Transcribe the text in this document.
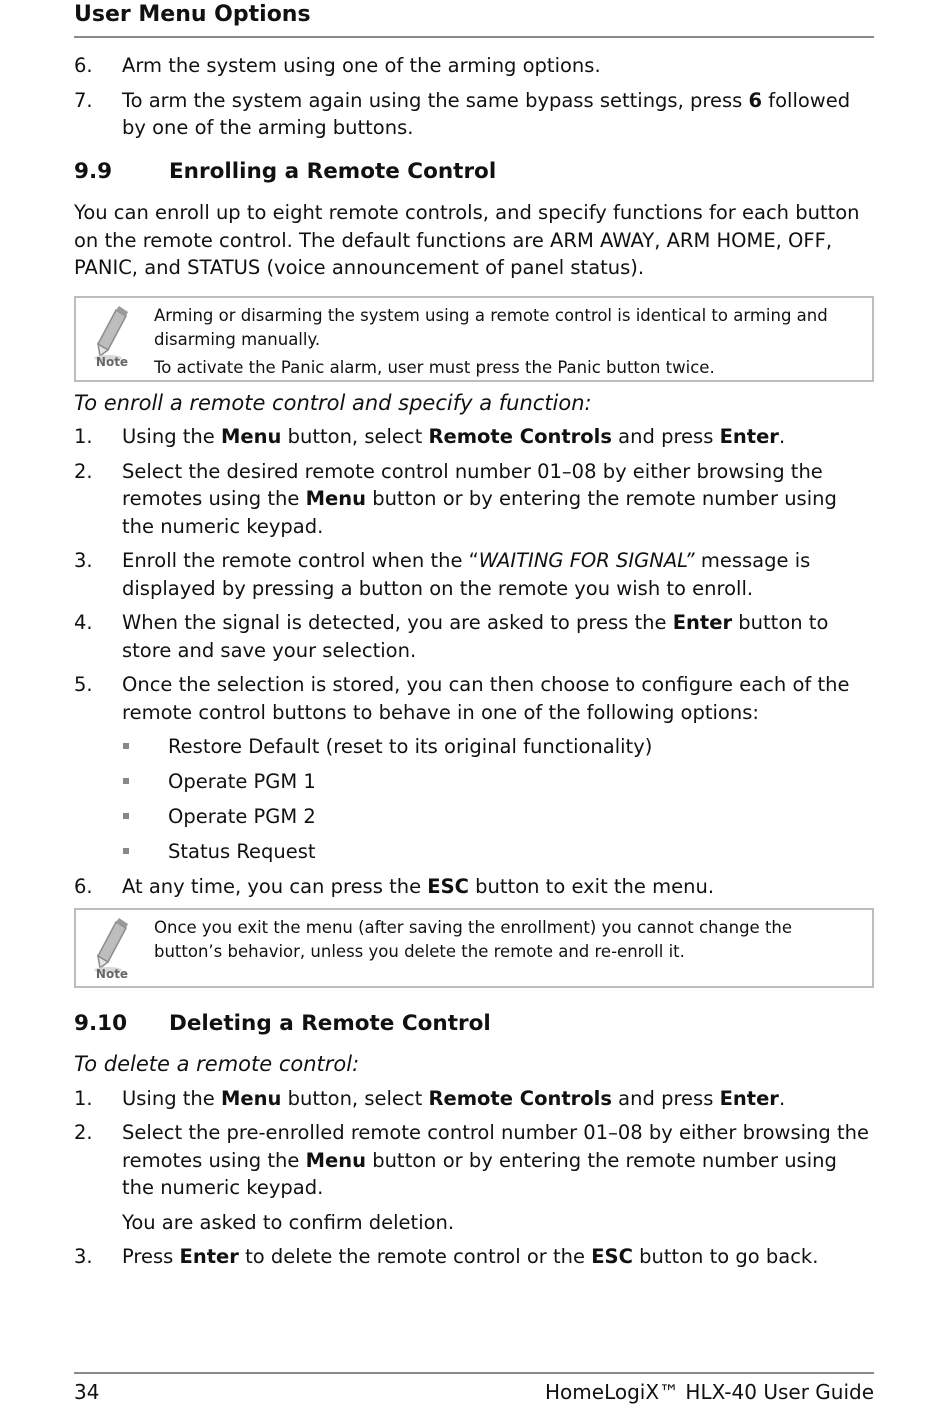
User Menu Options
6. Arm the system using one of the arming options.
7. To arm the system again using the same bypass settings, press 6 followed by one of the arming buttons.
9.9	Enrolling a Remote Control
You can enroll up to eight remote controls, and specify functions for each button on the remote control. The default functions are ARM AWAY, ARM HOME, OFF, PANIC, and STATUS (voice announcement of panel status).
Note
Arming or disarming the system using a remote control is identical to arming and disarming manually.
To activate the Panic alarm, user must press the Panic button twice.
To enroll a remote control and specify a function:
1. Using the Menu button, select Remote Controls and press Enter.
2. Select the desired remote control number 01–08 by either browsing the remotes using the Menu button or by entering the remote number using the numeric keypad.
3. Enroll the remote control when the “WAITING FOR SIGNAL” message is displayed by pressing a button on the remote you wish to enroll.
4. When the signal is detected, you are asked to press the Enter button to store and save your selection.
5. Once the selection is stored, you can then choose to configure each of the remote control buttons to behave in one of the following options:
Restore Default (reset to its original functionality)
Operate PGM 1
Operate PGM 2
Status Request
6. At any time, you can press the ESC button to exit the menu.
Note
Once you exit the menu (after saving the enrollment) you cannot change the button’s behavior, unless you delete the remote and re-enroll it.
9.10 Deleting a Remote Control
To delete a remote control:
1. Using the Menu button, select Remote Controls and press Enter.
2. Select the pre-enrolled remote control number 01–08 by either browsing the remotes using the Menu button or by entering the remote number using the numeric keypad.
You are asked to confirm deletion.
3. Press Enter to delete the remote control or the ESC button to go back.
34	HomeLogiX™ HLX-40 User Guide
